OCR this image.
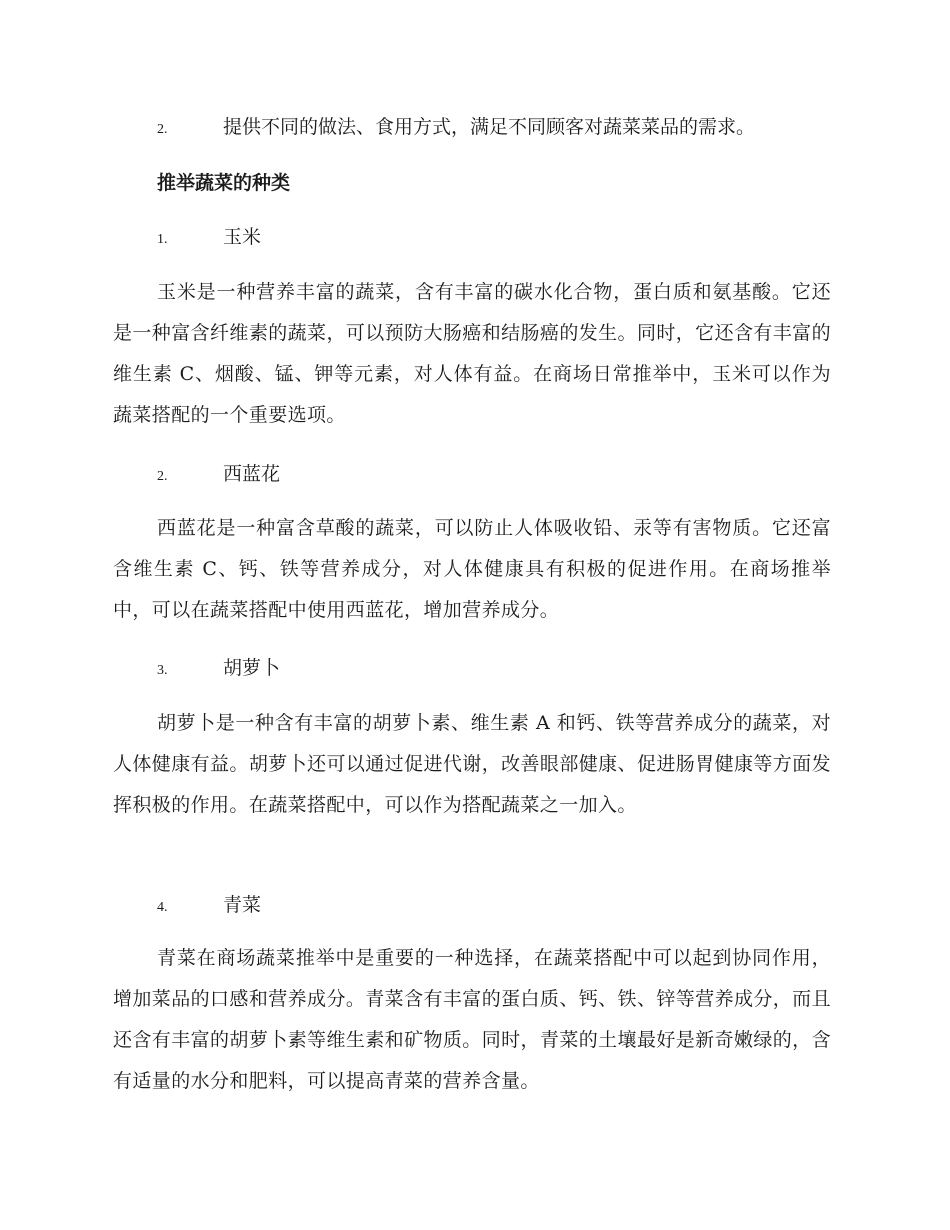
2.	提供不同的做法、食用方式，满足不同顾客对蔬菜菜品的需求。
推举蔬菜的种类
1.	玉米
玉米是一种营养丰富的蔬菜，含有丰富的碳水化合物，蛋白质和氨基酸。它还是一种富含纤维素的蔬菜，可以预防大肠癌和结肠癌的发生。同时，它还含有丰富的维生素 C、烟酸、锰、钾等元素，对人体有益。在商场日常推举中，玉米可以作为蔬菜搭配的一个重要选项。
2.	西蓝花
西蓝花是一种富含草酸的蔬菜，可以防止人体吸收铅、汞等有害物质。它还富含维生素 C、钙、铁等营养成分，对人体健康具有积极的促进作用。在商场推举中，可以在蔬菜搭配中使用西蓝花，增加营养成分。
3.	胡萝卜
胡萝卜是一种含有丰富的胡萝卜素、维生素 A 和钙、铁等营养成分的蔬菜，对人体健康有益。胡萝卜还可以通过促进代谢，改善眼部健康、促进肠胃健康等方面发挥积极的作用。在蔬菜搭配中，可以作为搭配蔬菜之一加入。
4.	青菜
青菜在商场蔬菜推举中是重要的一种选择，在蔬菜搭配中可以起到协同作用，增加菜品的口感和营养成分。青菜含有丰富的蛋白质、钙、铁、锌等营养成分，而且还含有丰富的胡萝卜素等维生素和矿物质。同时，青菜的土壤最好是新奇嫩绿的，含有适量的水分和肥料，可以提高青菜的营养含量。
